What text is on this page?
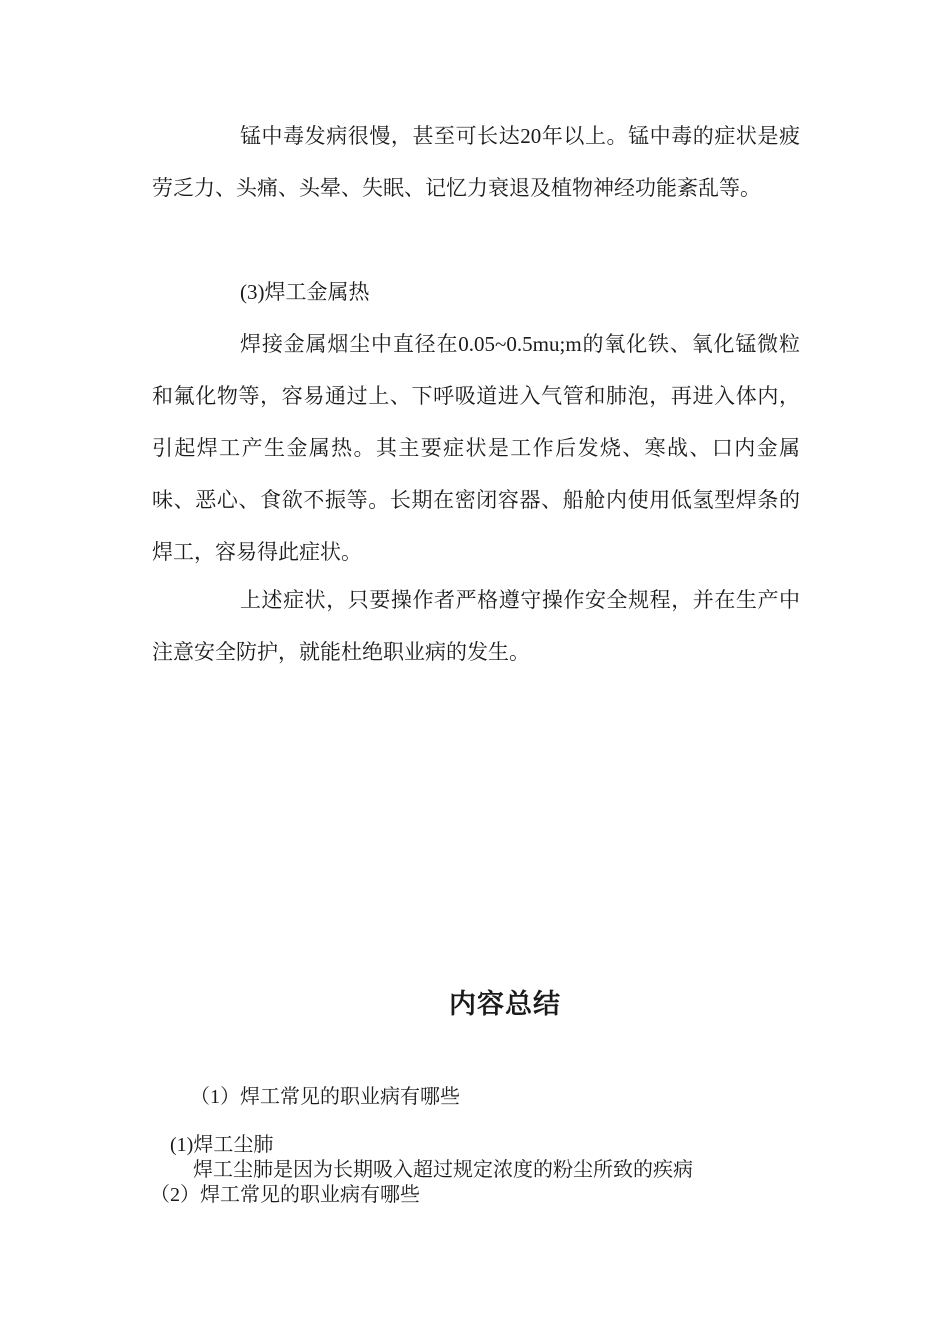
锰中毒发病很慢，甚至可长达20年以上。锰中毒的症状是疲劳乏力、头痛、头晕、失眠、记忆力衰退及植物神经功能紊乱等。

(3)焊工金属热

焊接金属烟尘中直径在0.05~0.5mu;m的氧化铁、氧化锰微粒和氟化物等，容易通过上、下呼吸道进入气管和肺泡，再进入体内，引起焊工产生金属热。其主要症状是工作后发烧、寒战、口内金属味、恶心、食欲不振等。长期在密闭容器、船舱内使用低氢型焊条的焊工，容易得此症状。

上述症状，只要操作者严格遵守操作安全规程，并在生产中注意安全防护，就能杜绝职业病的发生。

内容总结

（1）焊工常见的职业病有哪些

(1)焊工尘肺

焊工尘肺是因为长期吸入超过规定浓度的粉尘所致的疾病

（2）焊工常见的职业病有哪些
